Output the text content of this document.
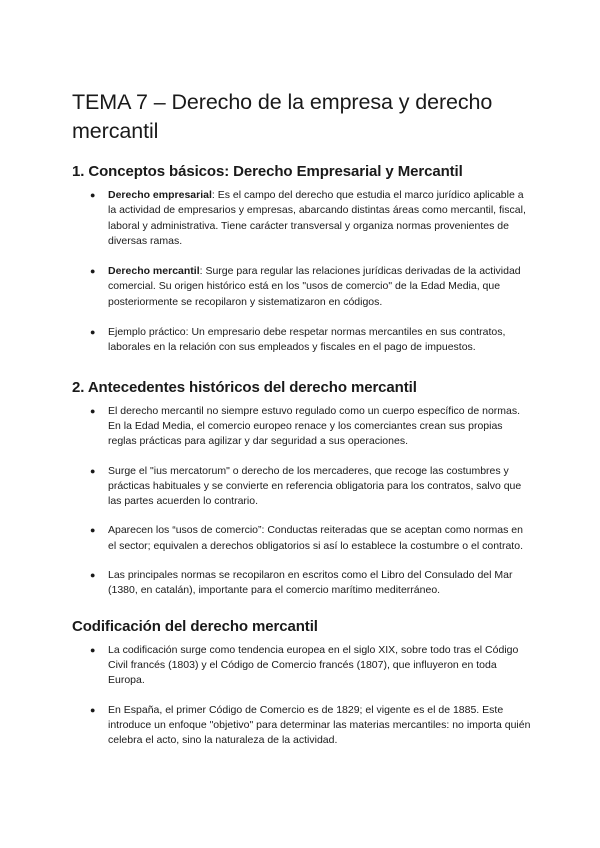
TEMA 7 – Derecho de la empresa y derecho mercantil
1. Conceptos básicos: Derecho Empresarial y Mercantil
● Derecho empresarial: Es el campo del derecho que estudia el marco jurídico aplicable a la actividad de empresarios y empresas, abarcando distintas áreas como mercantil, fiscal, laboral y administrativa. Tiene carácter transversal y organiza normas provenientes de diversas ramas.
● Derecho mercantil: Surge para regular las relaciones jurídicas derivadas de la actividad comercial. Su origen histórico está en los "usos de comercio" de la Edad Media, que posteriormente se recopilaron y sistematizaron en códigos.
● Ejemplo práctico: Un empresario debe respetar normas mercantiles en sus contratos, laborales en la relación con sus empleados y fiscales en el pago de impuestos.
2. Antecedentes históricos del derecho mercantil
● El derecho mercantil no siempre estuvo regulado como un cuerpo específico de normas. En la Edad Media, el comercio europeo renace y los comerciantes crean sus propias reglas prácticas para agilizar y dar seguridad a sus operaciones.
● Surge el "ius mercatorum" o derecho de los mercaderes, que recoge las costumbres y prácticas habituales y se convierte en referencia obligatoria para los contratos, salvo que las partes acuerden lo contrario.
● Aparecen los “usos de comercio”: Conductas reiteradas que se aceptan como normas en el sector; equivalen a derechos obligatorios si así lo establece la costumbre o el contrato.
● Las principales normas se recopilaron en escritos como el Libro del Consulado del Mar (1380, en catalán), importante para el comercio marítimo mediterráneo.
Codificación del derecho mercantil
● La codificación surge como tendencia europea en el siglo XIX, sobre todo tras el Código Civil francés (1803) y el Código de Comercio francés (1807), que influyeron en toda Europa.
● En España, el primer Código de Comercio es de 1829; el vigente es el de 1885. Este introduce un enfoque "objetivo" para determinar las materias mercantiles: no importa quién celebra el acto, sino la naturaleza de la actividad.
